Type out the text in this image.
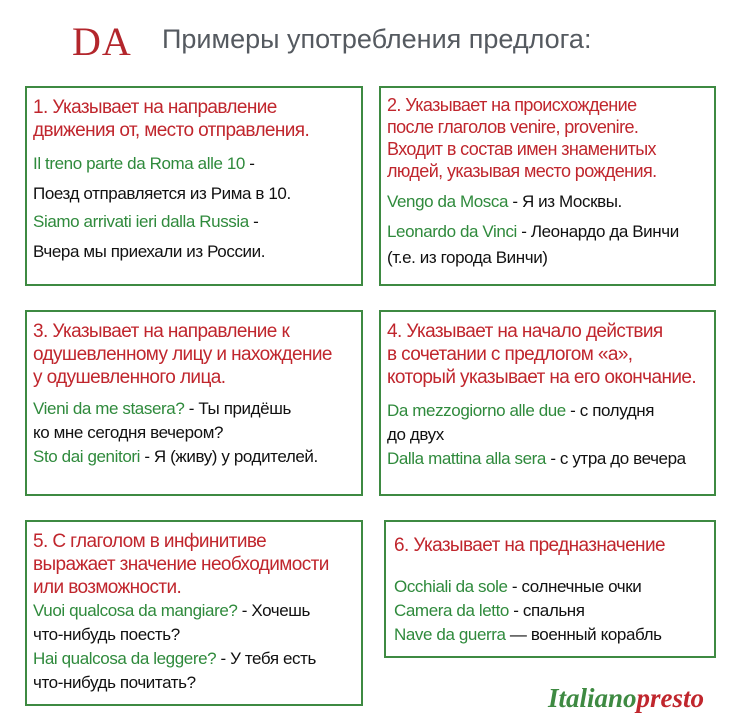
DA Примеры употребления предлога:
1. Указывает на направление
движения от, место отправления.

Il treno parte da Roma alle 10 -

Поезд отправляется из Рима в 10.

Siamo arrivati ieri dalla Russia -

Вчера мы приехали из России.

2. Указывает на происхождение
после глаголов venire, provenire.
Входит в состав имен знаменитых
людей, указывая место рождения.

Vengo da Mosca - Я из Москвы.

Leonardo da Vinci - Леонардо да Винчи

(т.е. из города Винчи)

3. Указывает на направление к
одушевленному лицу и нахождение
у одушевленного лица.

Vieni da me stasera? - Ты придёшь

ко мне сегодня вечером?

Sto dai genitori - Я (живу) у родителей.

4. Указывает на начало действия
в сочетании с предлогом «а»,
который указывает на его окончание.

Da mezzogiorno alle due - с полудня

до двух

Dalla mattina alla sera - с утра до вечера

5. С глаголом в инфинитиве
выражает значение необходимости
или возможности.

Vuoi qualcosa da mangiare? - Хочешь

что-нибудь поесть?

Hai qualcosa da leggere? - У тебя есть

что-нибудь почитать?

6. Указывает на предназначение

Occhiali da sole - солнечные очки

Camera da letto - спальня

Nave da guerra — военный корабль

Italianopresto
